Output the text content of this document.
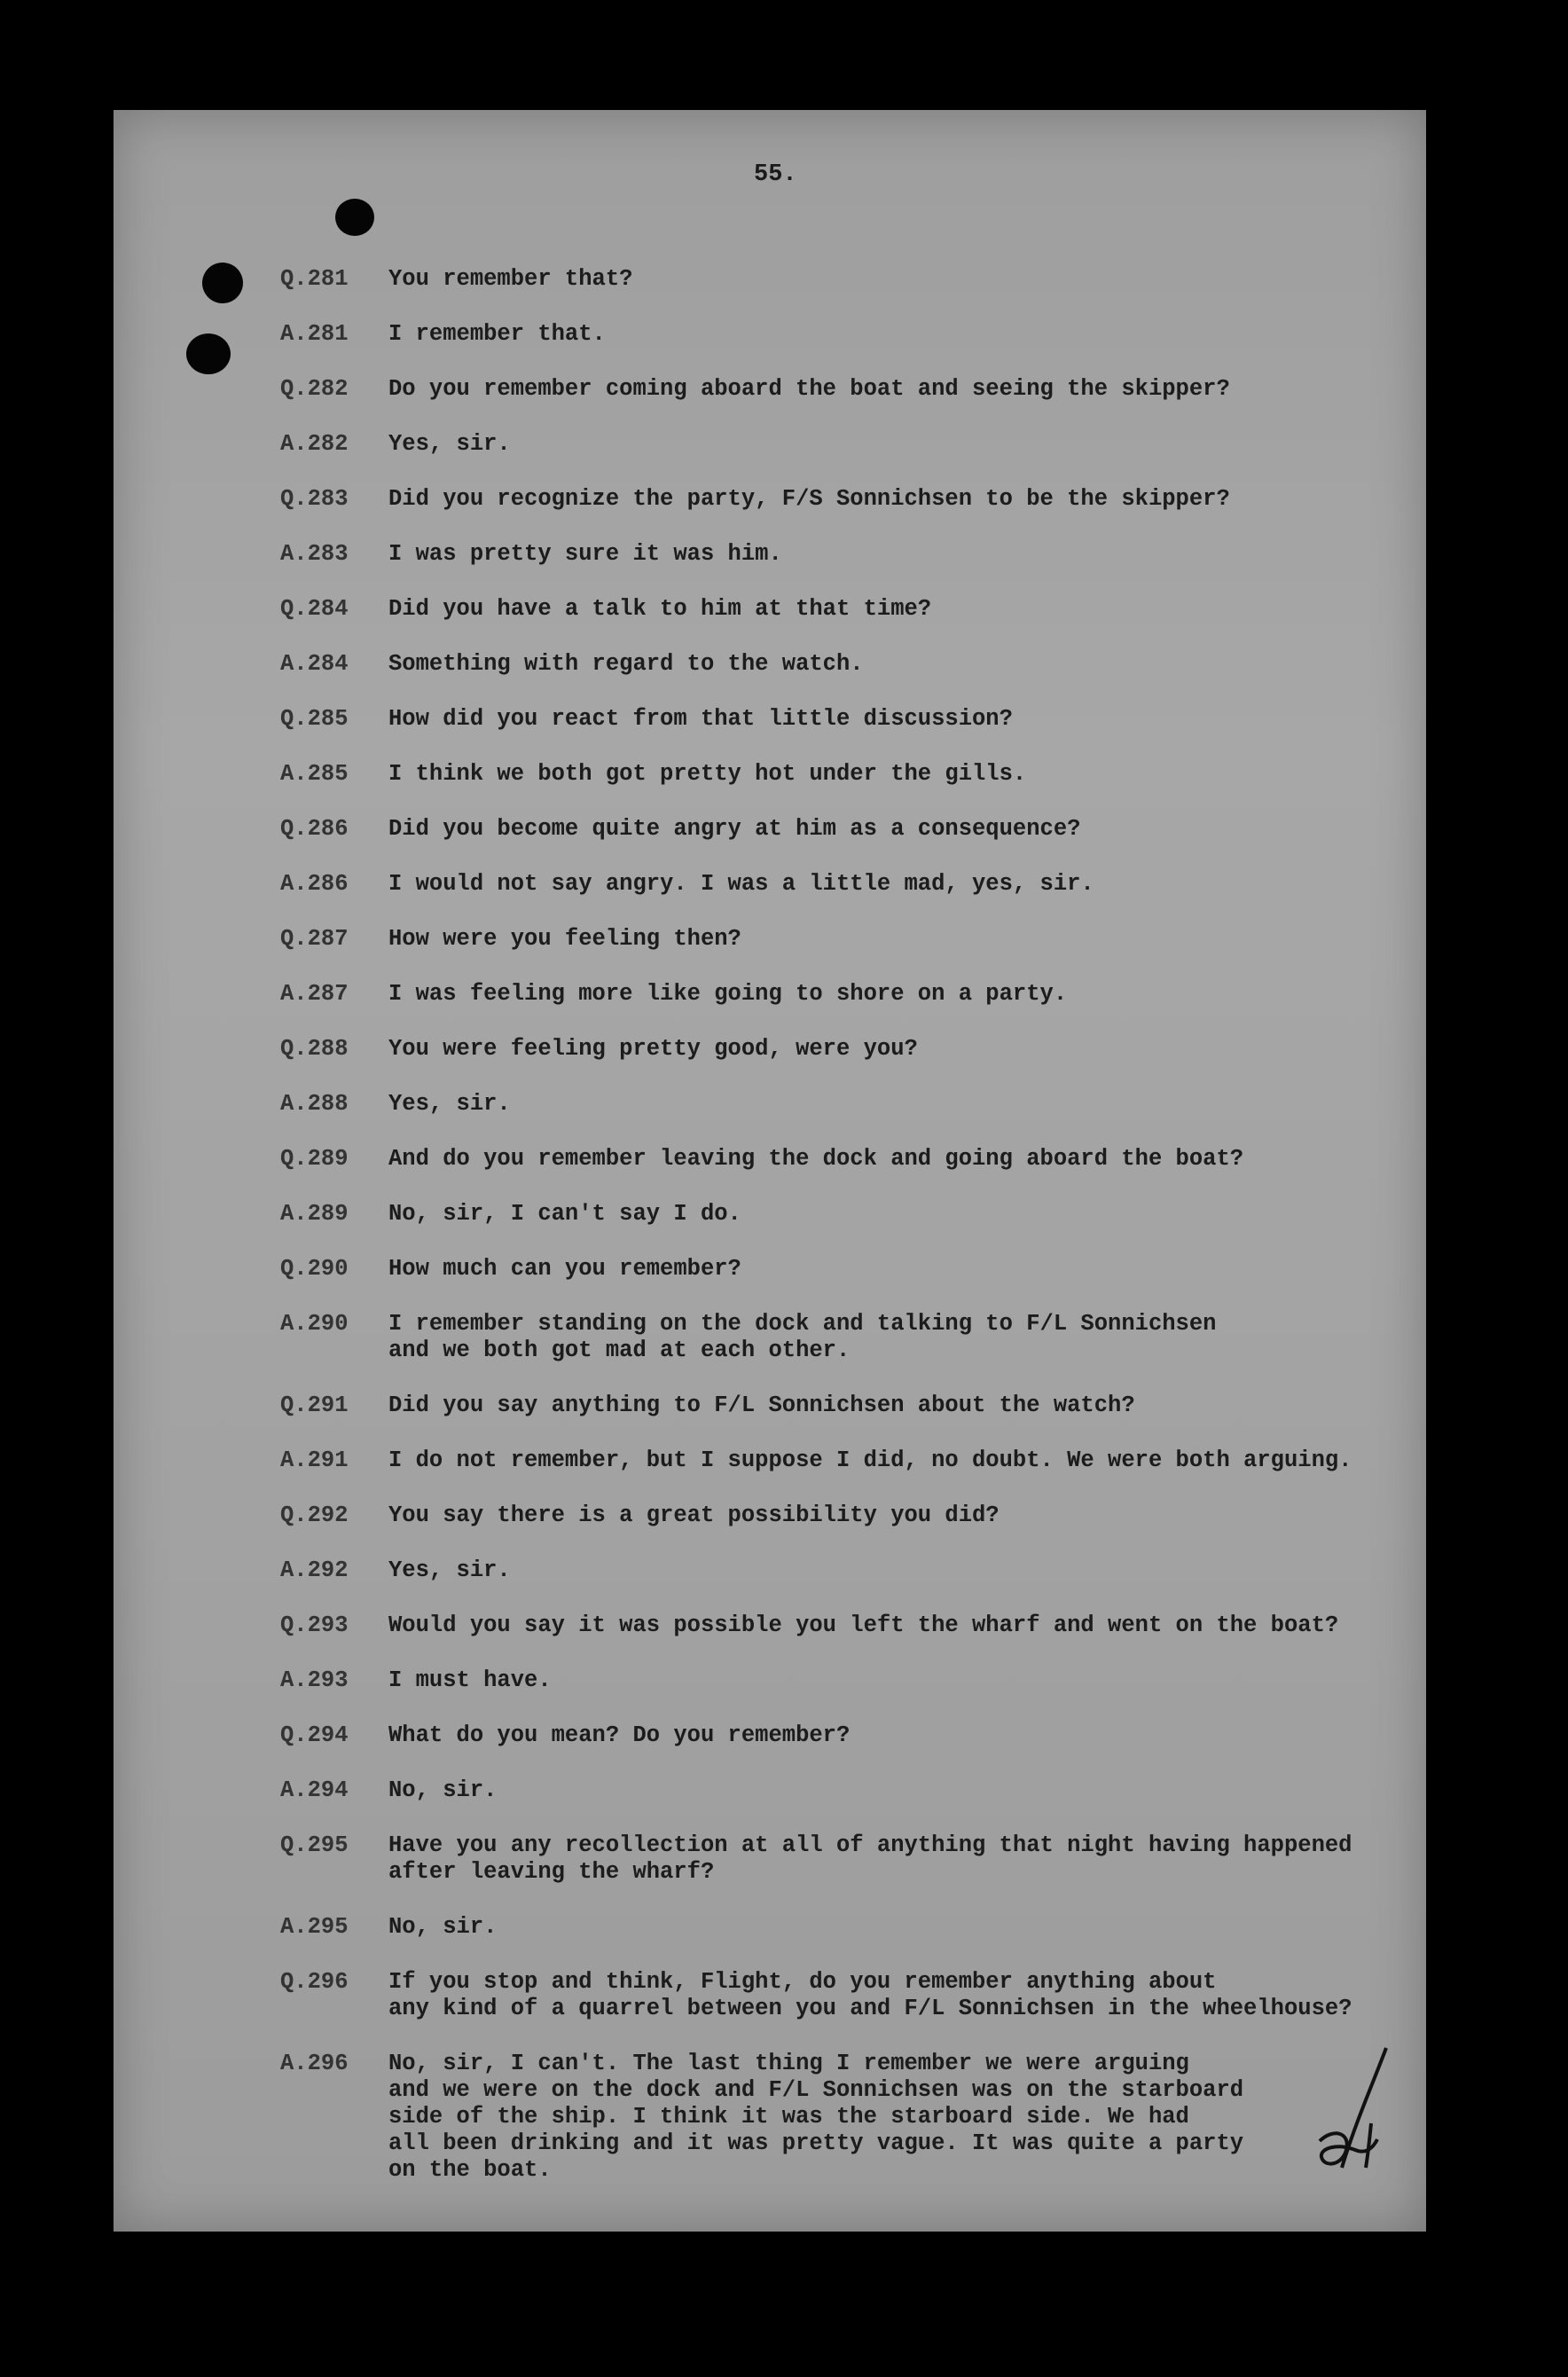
55.
Q.281	You remember that?
A.281	I remember that.
Q.282	Do you remember coming aboard the boat and seeing the skipper?
A.282	Yes, sir.
Q.283	Did you recognize the party, F/S Sonnichsen to be the skipper?
A.283	I was pretty sure it was him.
Q.284	Did you have a talk to him at that time?
A.284	Something with regard to the watch.
Q.285	How did you react from that little discussion?
A.285	I think we both got pretty hot under the gills.
Q.286	Did you become quite angry at him as a consequence?
A.286	I would not say angry. I was a little mad, yes, sir.
Q.287	How were you feeling then?
A.287	I was feeling more like going to shore on a party.
Q.288	You were feeling pretty good, were you?
A.288	Yes, sir.
Q.289	And do you remember leaving the dock and going aboard the boat?
A.289	No, sir, I can't say I do.
Q.290	How much can you remember?
A.290	I remember standing on the dock and talking to F/L Sonnichsen
and we both got mad at each other.
Q.291	Did you say anything to F/L Sonnichsen about the watch?
A.291	I do not remember, but I suppose I did, no doubt. We were both arguing.
Q.292	You say there is a great possibility you did?
A.292	Yes, sir.
Q.293	Would you say it was possible you left the wharf and went on the boat?
A.293	I must have.
Q.294	What do you mean? Do you remember?
A.294	No, sir.
Q.295	Have you any recollection at all of anything that night having happened
after leaving the wharf?
A.295	No, sir.
Q.296	If you stop and think, Flight, do you remember anything about
any kind of a quarrel between you and F/L Sonnichsen in the wheelhouse?
A.296	No, sir, I can't. The last thing I remember we were arguing
and we were on the dock and F/L Sonnichsen was on the starboard
side of the ship. I think it was the starboard side. We had
all been drinking and it was pretty vague. It was quite a party
on the boat.
